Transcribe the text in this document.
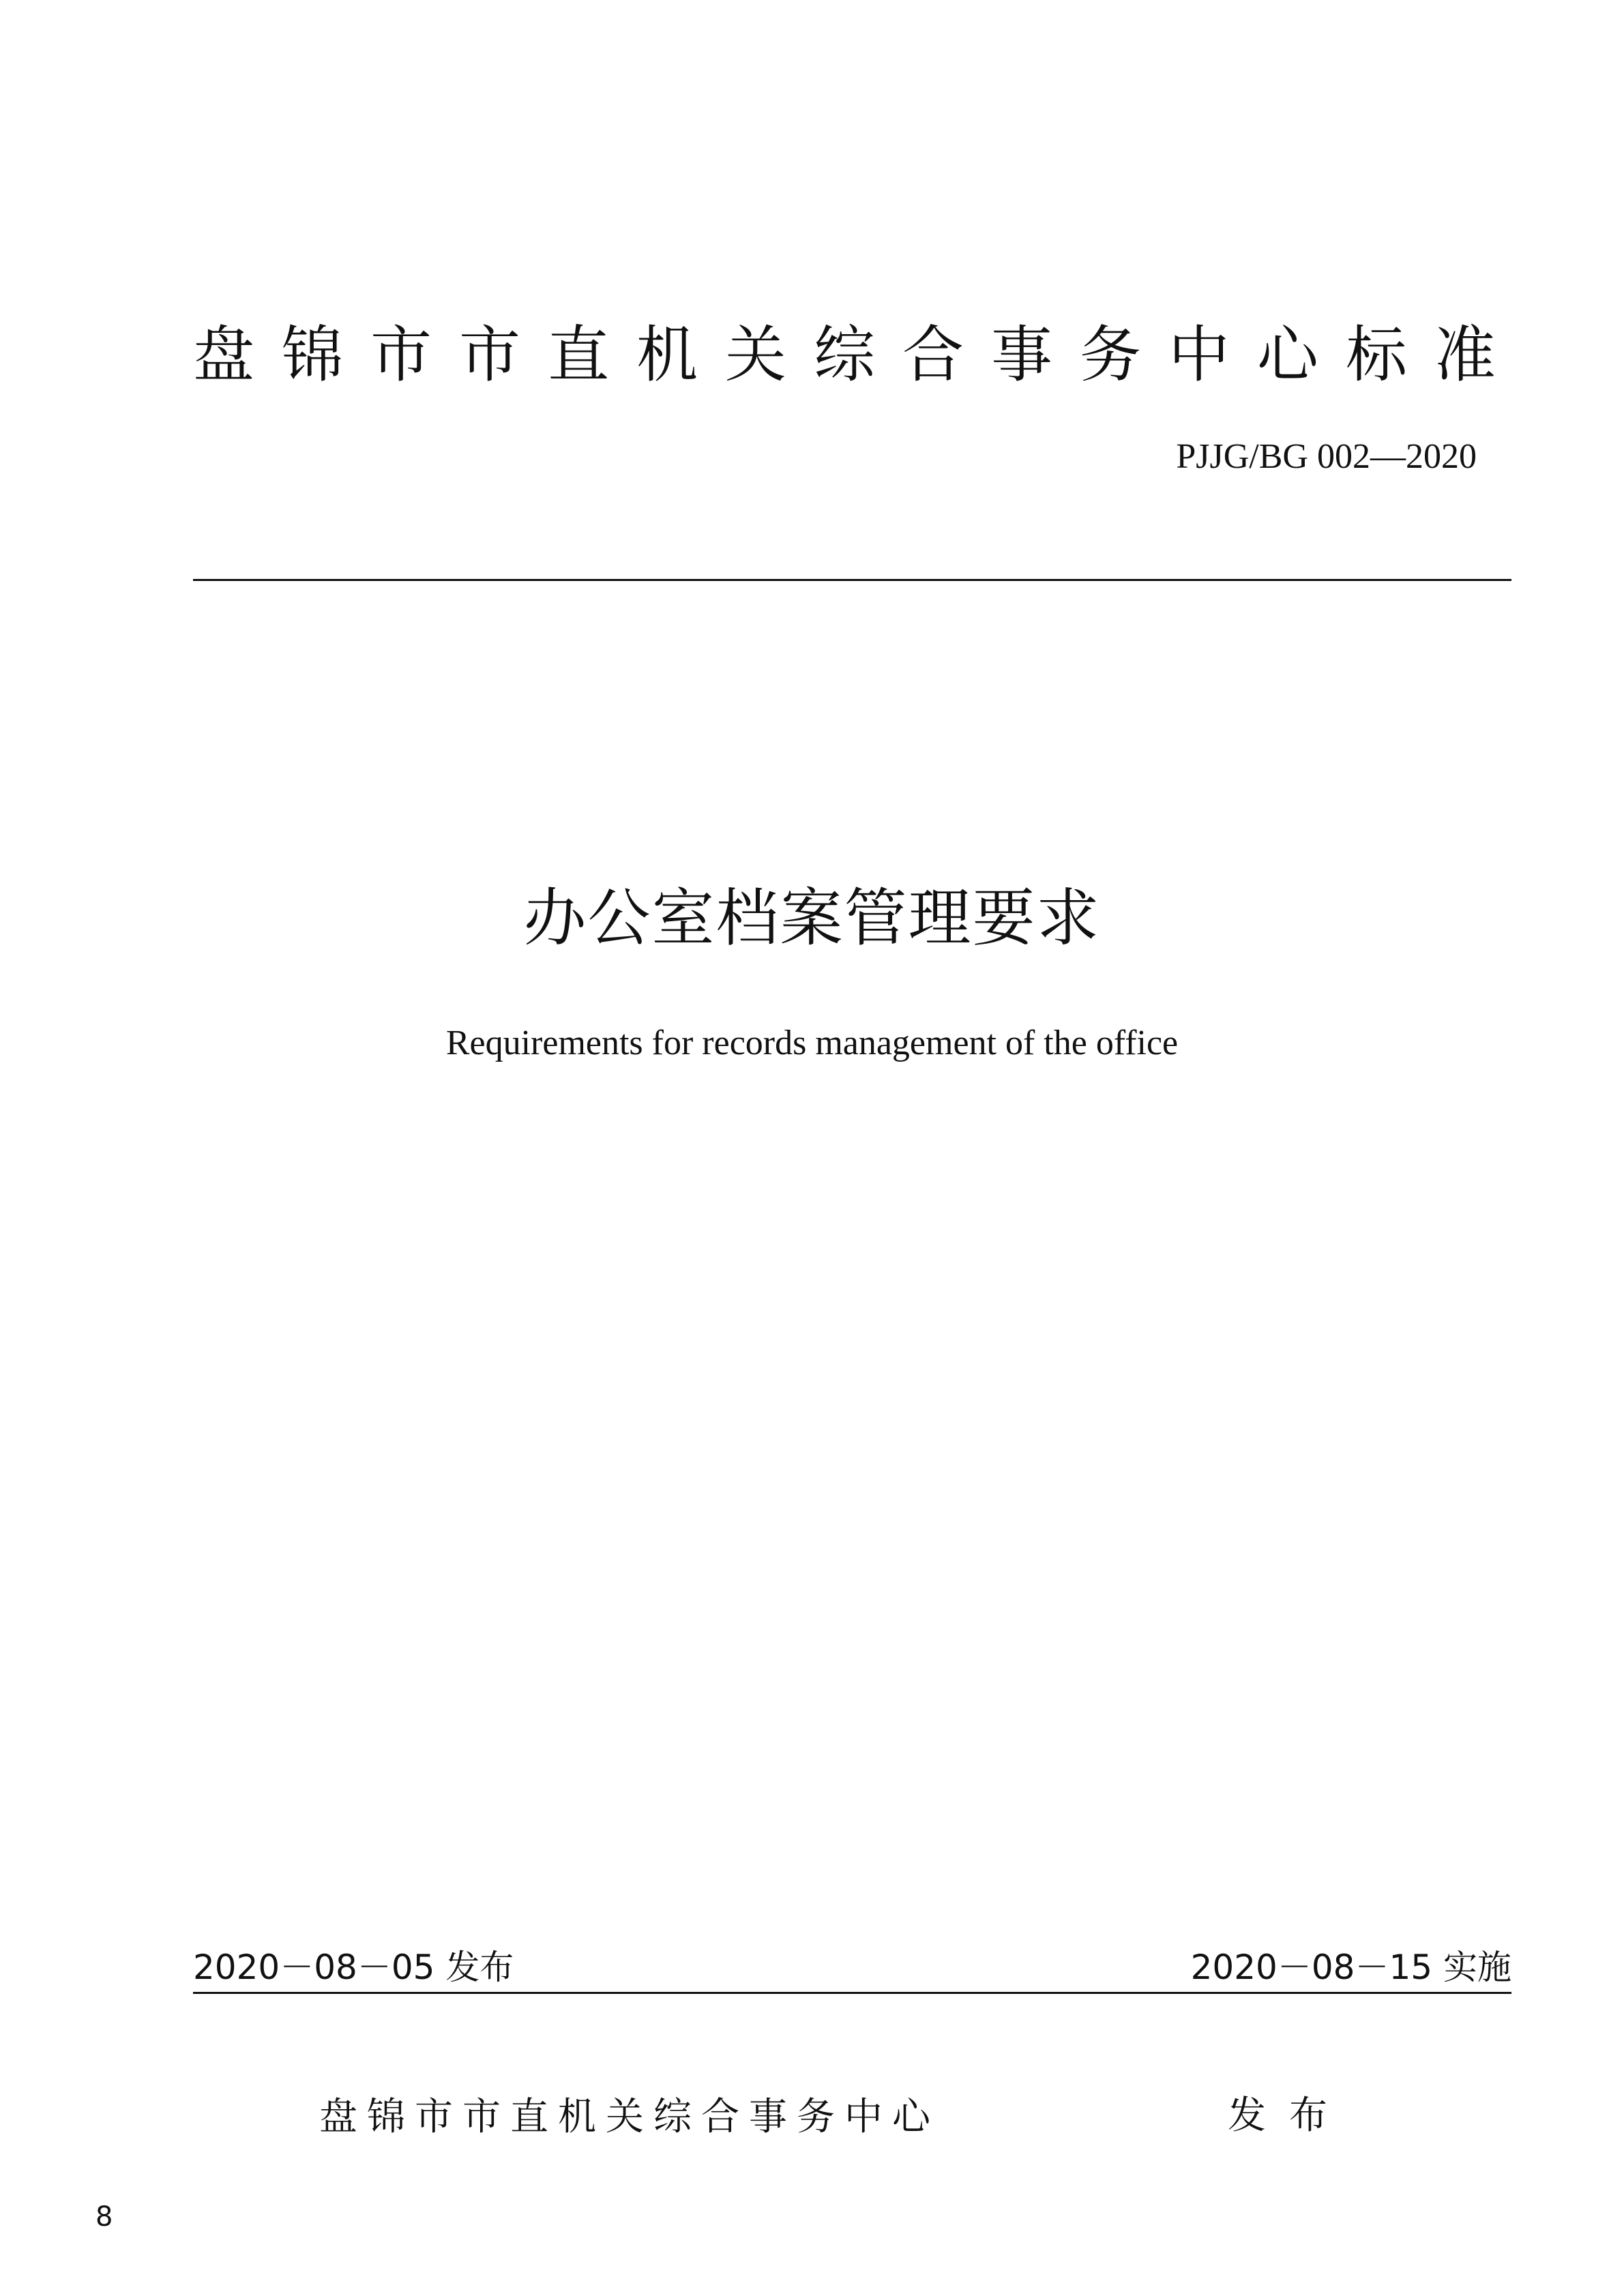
盘锦市市直机关综合事务中心标准
PJJG/BG 002—2020
办公室档案管理要求
Requirements for records management of the office
2020－08－05 发布	2020－08－15 实施
盘锦市市直机关综合事务中心	发布
8
